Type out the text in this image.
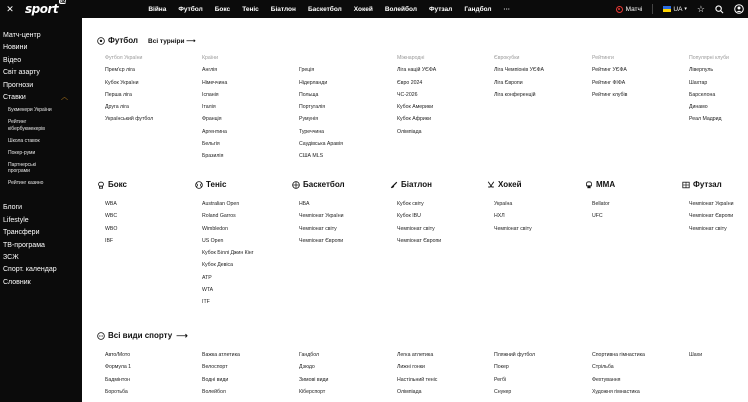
✕ sport$^{UA}$
Війна Футбол Бокс Теніс Біатлон Баскетбол Хокей Волейбол Футзал Гандбол ···	Матчі	UA ▾ ☆
Матч-центр
Новини
Відео
Світ азарту
Прогнози
Ставки	︿
Букмекери України
Рейтинг кібербукмекерів
Школа ставок
Покер-руми
Партнерські програми
Рейтинг казино
Блоги
Lifestyle
Трансфери
ТВ-програма
ЗСЖ
Спорт. календар
Словник
Футбол Всі турніри ⟶
Футбол України
Прем'єр ліга
Кубок України
Перша ліга
Друга ліга
Український футбол
Країни
Англія
Німеччина
Іспанія
Італія
Франція
Аргентина
Бельгія
Бразилія
Греція
Нідерланди
Польща
Португалія
Румунія
Туреччина
Саудівська Аравія
США MLS
Міжнародні
Ліга націй УЄФА
Євро 2024
ЧС-2026
Кубок Америки
Кубок Африки
Олімпіада
Єврокубки
Ліга Чемпіонів УЄФА
Ліга Європи
Ліга конференцій
Рейтинги
Рейтинг УЄФА
Рейтинг ФІФА
Рейтинг клубів
Популярні клуби
Ліверпуль
Шахтар
Барселона
Динамо
Реал Мадрид
Бокс
WBA
WBC
WBO
IBF
Теніс
Australian Open
Roland Garros
Wimbledon
US Open
Кубок Біллі Джин Кінг
Кубок Девіса
ATP
WTA
ITF
Баскетбол
НБА
Чемпіонат України
Чемпіонат світу
Чемпіонат Європи
Біатлон
Кубок світу
Кубок IBU
Чемпіонат світу
Чемпіонат Європи
Хокей
Україна
НХЛ
Чемпіонат світу
MMA
Bellator
UFC
Футзал
Чемпіонат України
Чемпіонат Європи
Чемпіонат світу
Всі види спорту ⟶
Авто/Мото
Формула 1
Бадмінтон
Боротьба
Важка атлетика
Велоспорт
Водні види
Волейбол
Гандбол
Дзюдо
Зимові види
Кіберспорт
Легка атлетика
Лижні гонки
Настільний теніс
Олімпіада
Пляжний футбол
Покер
Регбі
Снукер
Спортивна гімнастика
Стрільба
Фехтування
Художня гімнастика
Шахи
